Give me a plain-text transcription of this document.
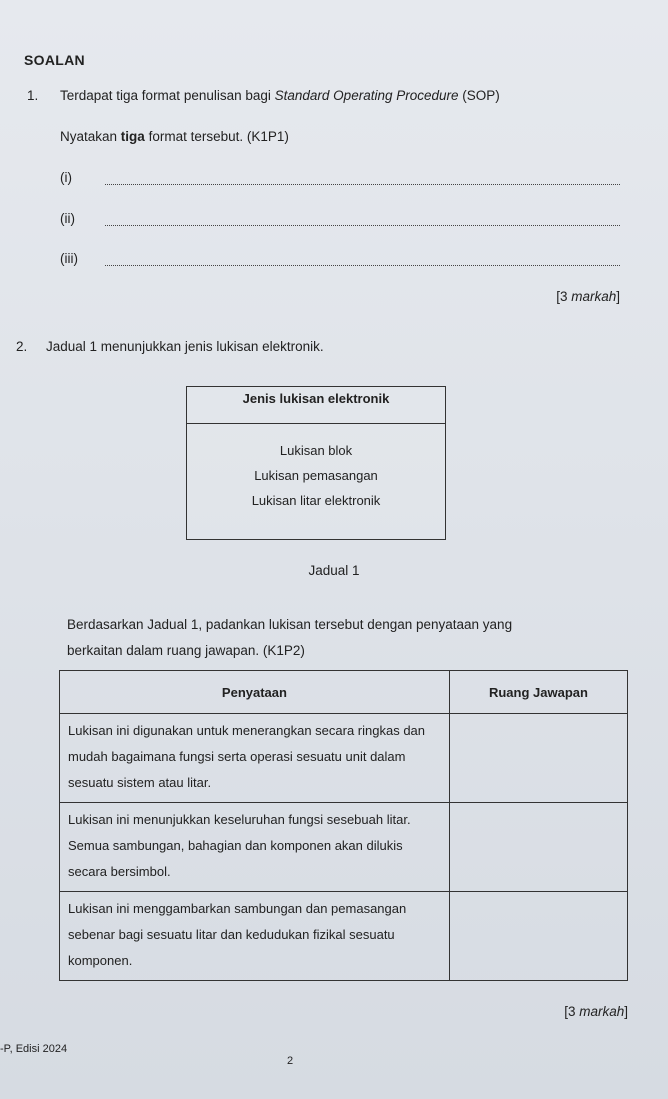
SOALAN
1. Terdapat tiga format penulisan bagi Standard Operating Procedure (SOP)
Nyatakan tiga format tersebut. (K1P1)
(i)
(ii)
(iii)
[3 markah]
2. Jadual 1 menunjukkan jenis lukisan elektronik.
Jenis lukisan elektronik
Lukisan blok
Lukisan pemasangan
Lukisan litar elektronik
Jadual 1
Berdasarkan Jadual 1, padankan lukisan tersebut dengan penyataan yang
berkaitan dalam ruang jawapan. (K1P2)
Penyataan	Ruang Jawapan
Lukisan ini digunakan untuk menerangkan secara ringkas dan mudah bagaimana fungsi serta operasi sesuatu unit dalam sesuatu sistem atau litar.	
Lukisan ini menunjukkan keseluruhan fungsi sesebuah litar. Semua sambungan, bahagian dan komponen akan dilukis secara bersimbol.	
Lukisan ini menggambarkan sambungan dan pemasangan sebenar bagi sesuatu litar dan kedudukan fizikal sesuatu komponen.	
[3 markah]
-P, Edisi 2024
2
